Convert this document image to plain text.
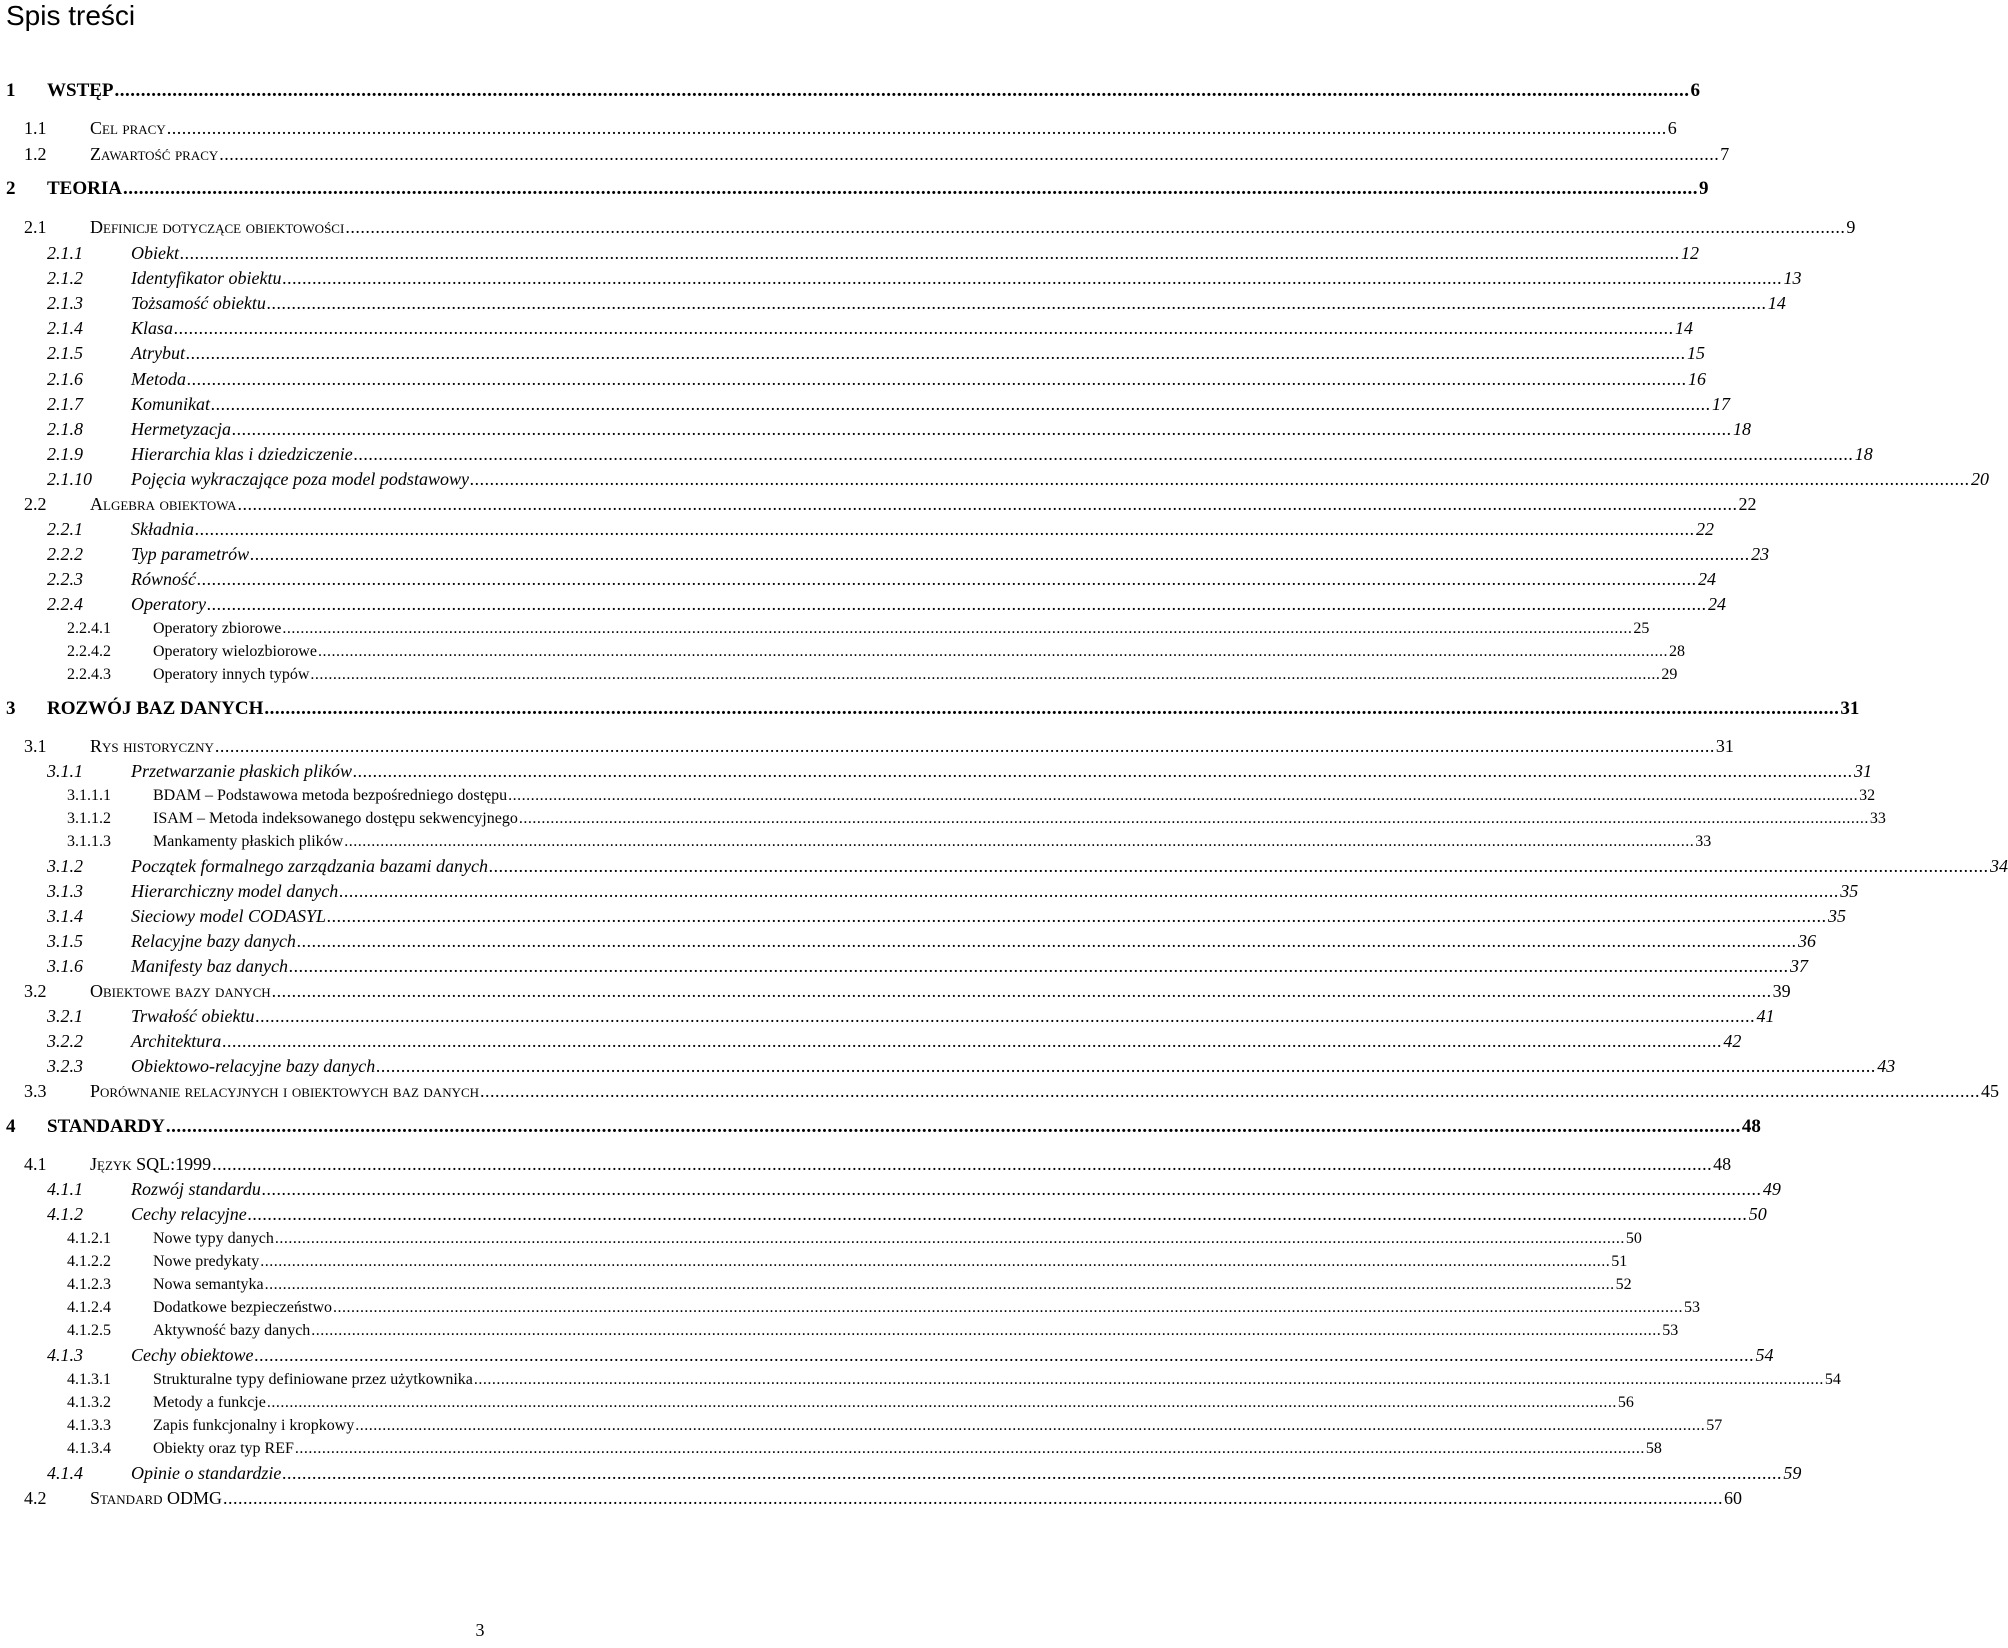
Spis treści
1 WSTĘP ............................................................................................................................................................................................................................................................................................................ 6
1.1 Cel pracy ............................................................................................................................................................................................................................................................................................................ 6
1.2 Zawartość pracy ............................................................................................................................................................................................................................................................................................................ 7
2 TEORIA ............................................................................................................................................................................................................................................................................................................ 9
2.1 Definicje dotyczące obiektowości ............................................................................................................................................................................................................................................................................................................ 9
2.1.1	Obiekt ............................................................................................................................................................................................................................................................................................................ 12
2.1.2	Identyfikator obiektu ............................................................................................................................................................................................................................................................................................................ 13
2.1.3	Tożsamość obiektu ............................................................................................................................................................................................................................................................................................................ 14
2.1.4	Klasa ............................................................................................................................................................................................................................................................................................................ 14
2.1.5	Atrybut ............................................................................................................................................................................................................................................................................................................ 15
2.1.6	Metoda ............................................................................................................................................................................................................................................................................................................ 16
2.1.7	Komunikat ............................................................................................................................................................................................................................................................................................................ 17
2.1.8	Hermetyzacja ............................................................................................................................................................................................................................................................................................................ 18
2.1.9	Hierarchia klas i dziedziczenie ............................................................................................................................................................................................................................................................................................................ 18
2.1.10 Pojęcia wykraczające poza model podstawowy ............................................................................................................................................................................................................................................................................................................ 20
2.2 Algebra obiektowa ............................................................................................................................................................................................................................................................................................................ 22
2.2.1	Składnia ............................................................................................................................................................................................................................................................................................................ 22
2.2.2	Typ parametrów ............................................................................................................................................................................................................................................................................................................ 23
2.2.3	Równość ............................................................................................................................................................................................................................................................................................................ 24
2.2.4	Operatory ............................................................................................................................................................................................................................................................................................................ 24
2.2.4.1	Operatory zbiorowe ............................................................................................................................................................................................................................................................................................................ 25
2.2.4.2	Operatory wielozbiorowe ............................................................................................................................................................................................................................................................................................................ 28
2.2.4.3	Operatory innych typów ............................................................................................................................................................................................................................................................................................................ 29
3 ROZWÓJ BAZ DANYCH ............................................................................................................................................................................................................................................................................................................ 31
3.1 Rys historyczny ............................................................................................................................................................................................................................................................................................................ 31
3.1.1	Przetwarzanie płaskich plików ............................................................................................................................................................................................................................................................................................................ 31
3.1.1.1	BDAM – Podstawowa metoda bezpośredniego dostępu ............................................................................................................................................................................................................................................................................................................ 32
3.1.1.2	ISAM – Metoda indeksowanego dostępu sekwencyjnego ............................................................................................................................................................................................................................................................................................................ 33
3.1.1.3	Mankamenty płaskich plików ............................................................................................................................................................................................................................................................................................................ 33
3.1.2	Początek formalnego zarządzania bazami danych ............................................................................................................................................................................................................................................................................................................ 34
3.1.3	Hierarchiczny model danych ............................................................................................................................................................................................................................................................................................................ 35
3.1.4	Sieciowy model CODASYL ............................................................................................................................................................................................................................................................................................................ 35
3.1.5	Relacyjne bazy danych ............................................................................................................................................................................................................................................................................................................ 36
3.1.6	Manifesty baz danych ............................................................................................................................................................................................................................................................................................................ 37
3.2 Obiektowe bazy danych ............................................................................................................................................................................................................................................................................................................ 39
3.2.1	Trwałość obiektu ............................................................................................................................................................................................................................................................................................................ 41
3.2.2	Architektura ............................................................................................................................................................................................................................................................................................................ 42
3.2.3	Obiektowo-relacyjne bazy danych ............................................................................................................................................................................................................................................................................................................ 43
3.3 Porównanie relacyjnych i obiektowych baz danych ............................................................................................................................................................................................................................................................................................................ 45
4 STANDARDY ............................................................................................................................................................................................................................................................................................................ 48
4.1 Język SQL:1999 ............................................................................................................................................................................................................................................................................................................ 48
4.1.1	Rozwój standardu ............................................................................................................................................................................................................................................................................................................ 49
4.1.2	Cechy relacyjne ............................................................................................................................................................................................................................................................................................................ 50
4.1.2.1	Nowe typy danych ............................................................................................................................................................................................................................................................................................................ 50
4.1.2.2	Nowe predykaty ............................................................................................................................................................................................................................................................................................................ 51
4.1.2.3	Nowa semantyka ............................................................................................................................................................................................................................................................................................................ 52
4.1.2.4	Dodatkowe bezpieczeństwo ............................................................................................................................................................................................................................................................................................................ 53
4.1.2.5	Aktywność bazy danych ............................................................................................................................................................................................................................................................................................................ 53
4.1.3	Cechy obiektowe ............................................................................................................................................................................................................................................................................................................ 54
4.1.3.1	Strukturalne typy definiowane przez użytkownika ............................................................................................................................................................................................................................................................................................................ 54
4.1.3.2	Metody a funkcje ............................................................................................................................................................................................................................................................................................................ 56
4.1.3.3	Zapis funkcjonalny i kropkowy ............................................................................................................................................................................................................................................................................................................ 57
4.1.3.4	Obiekty oraz typ REF ............................................................................................................................................................................................................................................................................................................ 58
4.1.4	Opinie o standardzie ............................................................................................................................................................................................................................................................................................................ 59
4.2 Standard ODMG ............................................................................................................................................................................................................................................................................................................ 60
3
